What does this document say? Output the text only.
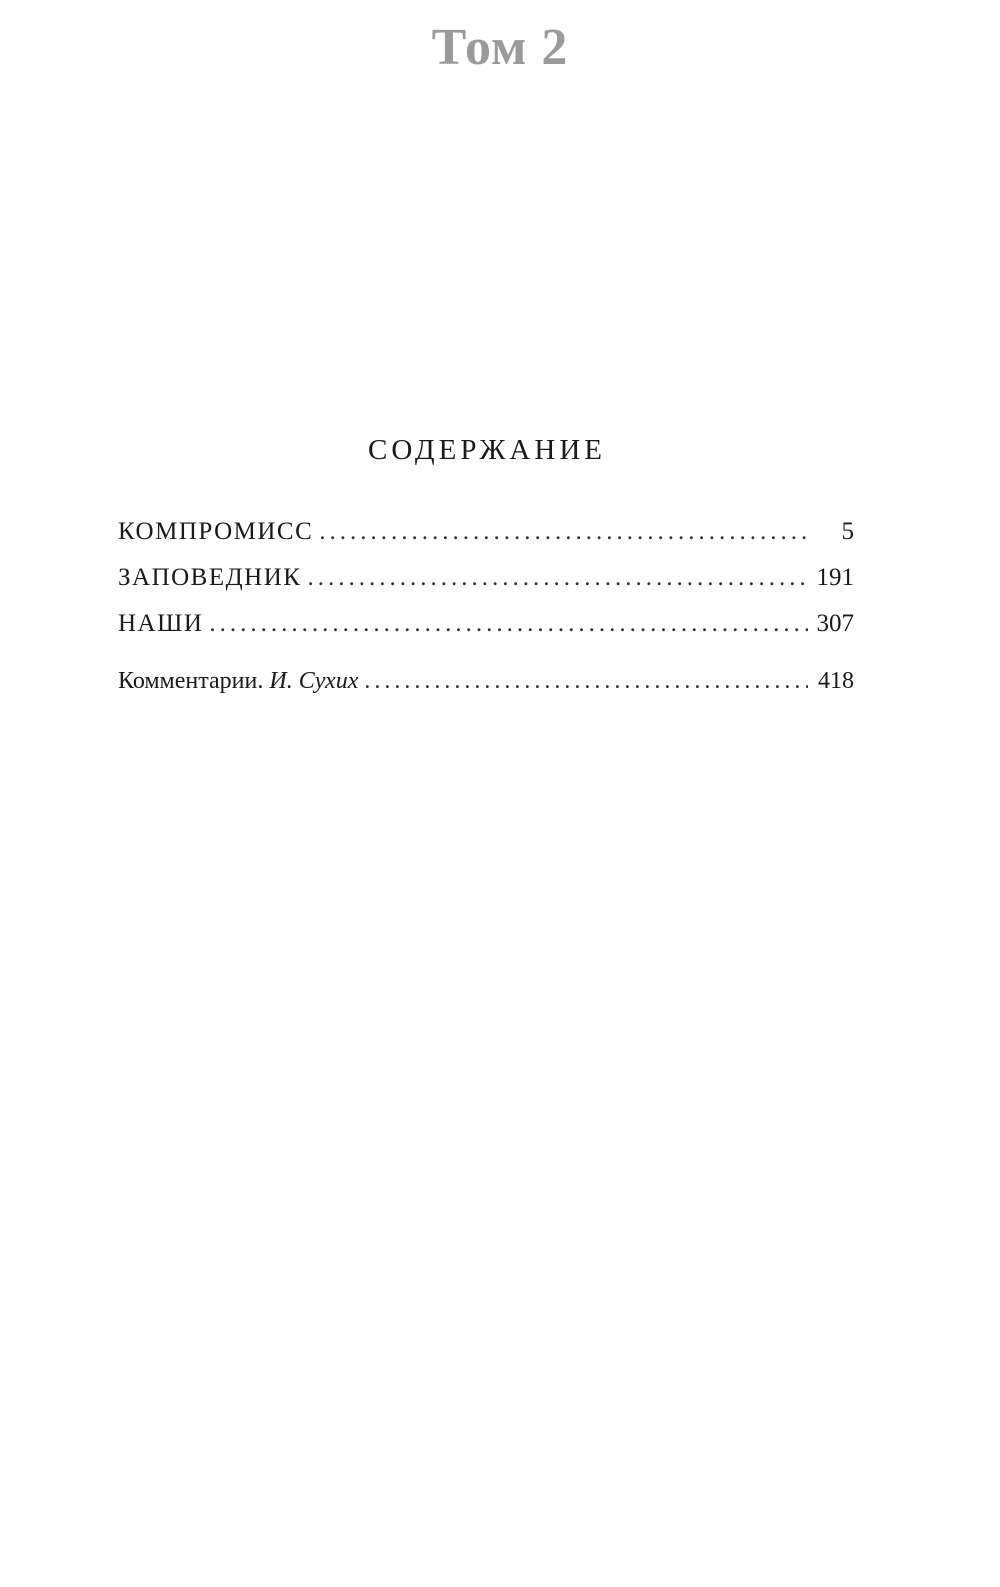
Том 2
СОДЕРЖАНИЕ
КОМПРОМИСС .....	5
ЗАПОВЕДНИК .....	191
НАШИ .....	307
Комментарии. И. Сухих .....	418
